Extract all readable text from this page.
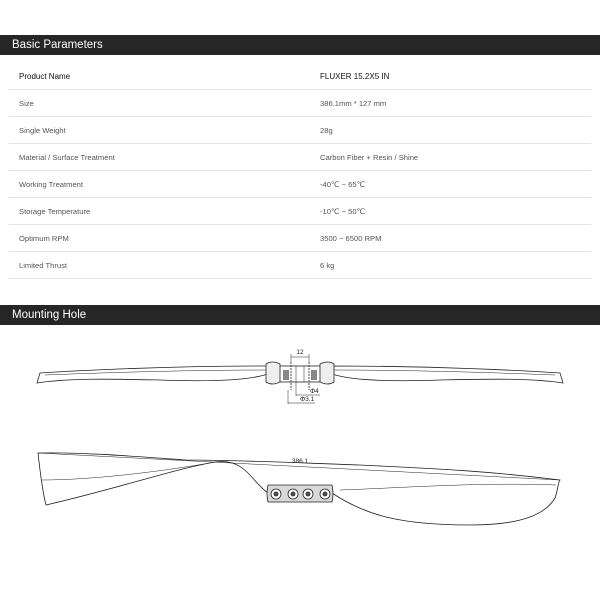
Basic Parameters
Product Name	FLUXER 15.2X5 IN
Size	386.1mm * 127 mm
Single Weight	28g
Material / Surface Treatment	Carbon Fiber + Resin / Shine
Working Treatment	-40℃ ~ 65℃
Storage Temperature	-10℃ ~ 50℃
Optimum RPM	3500 ~ 6500 RPM
Limited Thrust	6 kg
Mounting Hole
12
Φ4
Φ3.1
386.1
